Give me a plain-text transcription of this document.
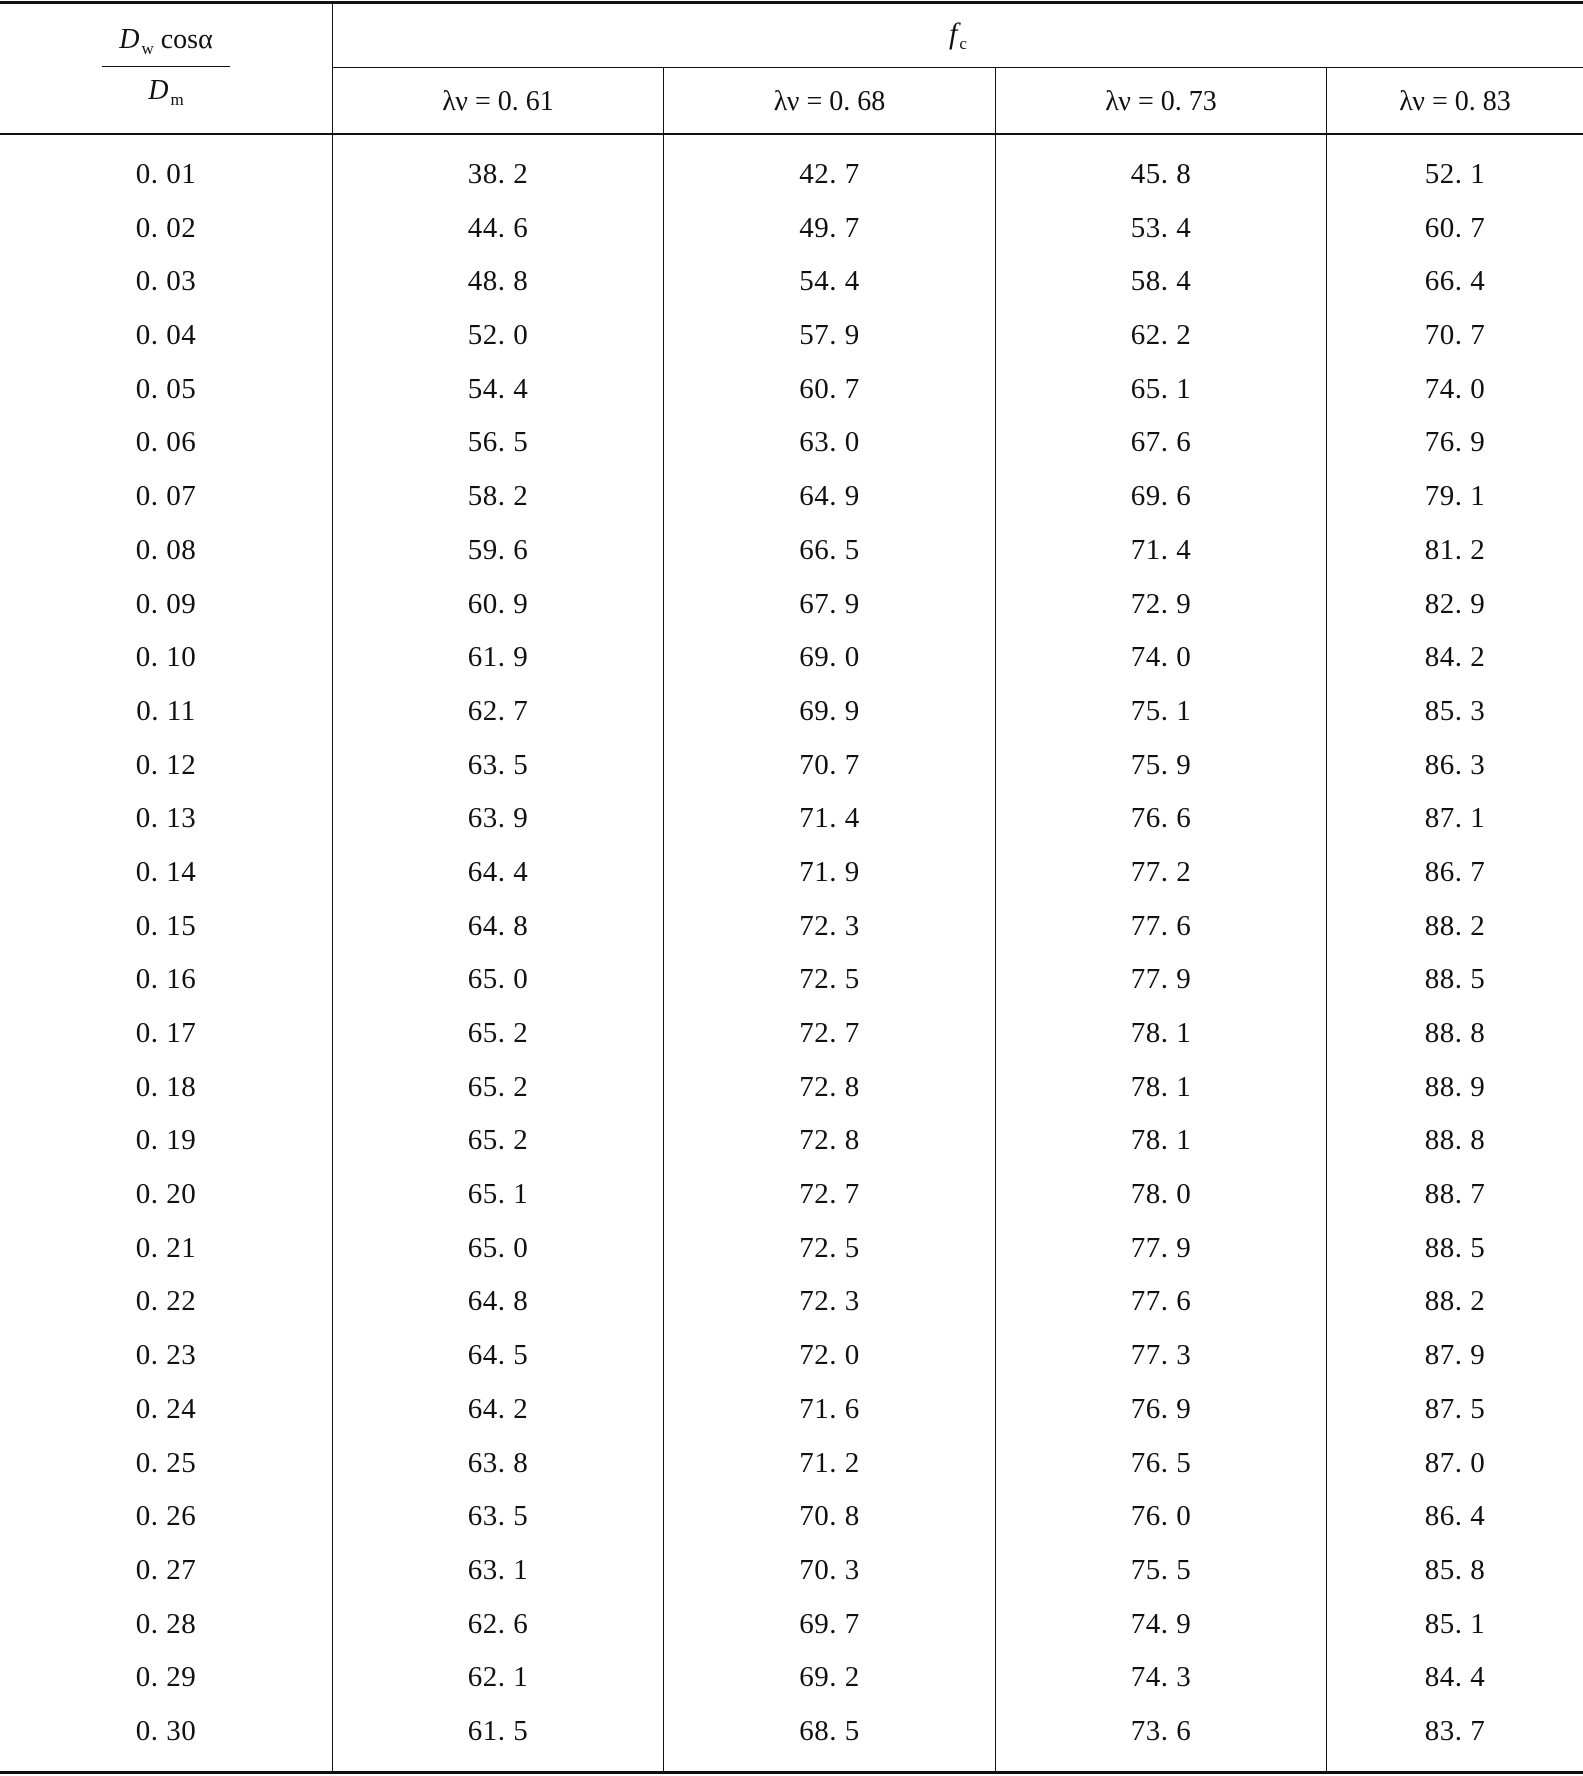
D $_w$ cosα
D $_m$
f $_c$
λν = 0. 61	λν = 0. 68	λν = 0. 73	λν = 0. 83
0. 01	38. 2	42. 7	45. 8	52. 1
0. 02	44. 6	49. 7	53. 4	60. 7
0. 03	48. 8	54. 4	58. 4	66. 4
0. 04	52. 0	57. 9	62. 2	70. 7
0. 05	54. 4	60. 7	65. 1	74. 0
0. 06	56. 5	63. 0	67. 6	76. 9
0. 07	58. 2	64. 9	69. 6	79. 1
0. 08	59. 6	66. 5	71. 4	81. 2
0. 09	60. 9	67. 9	72. 9	82. 9
0. 10	61. 9	69. 0	74. 0	84. 2
0. 11	62. 7	69. 9	75. 1	85. 3
0. 12	63. 5	70. 7	75. 9	86. 3
0. 13	63. 9	71. 4	76. 6	87. 1
0. 14	64. 4	71. 9	77. 2	86. 7
0. 15	64. 8	72. 3	77. 6	88. 2
0. 16	65. 0	72. 5	77. 9	88. 5
0. 17	65. 2	72. 7	78. 1	88. 8
0. 18	65. 2	72. 8	78. 1	88. 9
0. 19	65. 2	72. 8	78. 1	88. 8
0. 20	65. 1	72. 7	78. 0	88. 7
0. 21	65. 0	72. 5	77. 9	88. 5
0. 22	64. 8	72. 3	77. 6	88. 2
0. 23	64. 5	72. 0	77. 3	87. 9
0. 24	64. 2	71. 6	76. 9	87. 5
0. 25	63. 8	71. 2	76. 5	87. 0
0. 26	63. 5	70. 8	76. 0	86. 4
0. 27	63. 1	70. 3	75. 5	85. 8
0. 28	62. 6	69. 7	74. 9	85. 1
0. 29	62. 1	69. 2	74. 3	84. 4
0. 30	61. 5	68. 5	73. 6	83. 7
